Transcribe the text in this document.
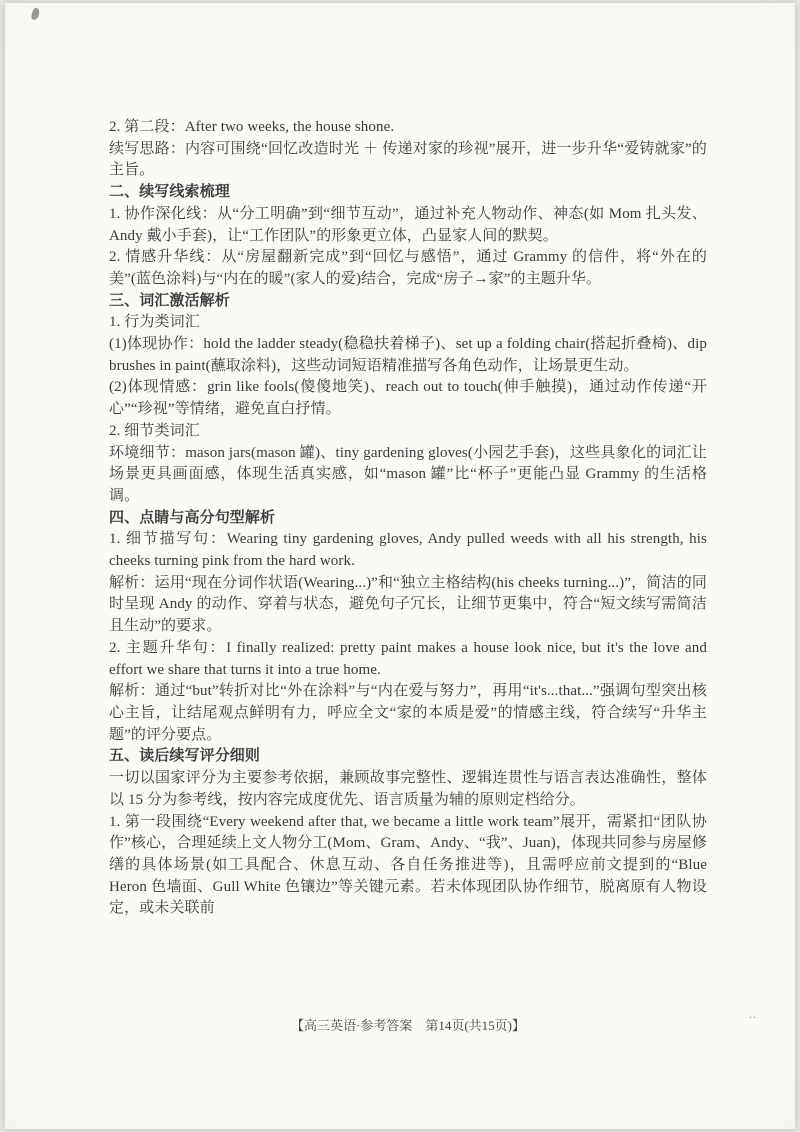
2. 第二段：After two weeks, the house shone.

续写思路：内容可围绕“回忆改造时光 ＋ 传递对家的珍视”展开，进一步升华“爱铸就家”的主旨。

二、续写线索梳理

1. 协作深化线：从“分工明确”到“细节互动”，通过补充人物动作、神态(如 Mom 扎头发、Andy 戴小手套)，让“工作团队”的形象更立体，凸显家人间的默契。

2. 情感升华线：从“房屋翻新完成”到“回忆与感悟”，通过 Grammy 的信件，将“外在的美”(蓝色涂料)与“内在的暖”(家人的爱)结合，完成“房子→家”的主题升华。

三、词汇激活解析

1. 行为类词汇

(1)体现协作：hold the ladder steady(稳稳扶着梯子)、set up a folding chair(搭起折叠椅)、dip brushes in paint(蘸取涂料)，这些动词短语精准描写各角色动作，让场景更生动。

(2)体现情感：grin like fools(傻傻地笑)、reach out to touch(伸手触摸)，通过动作传递“开心”“珍视”等情绪，避免直白抒情。

2. 细节类词汇

环境细节：mason jars(mason 罐)、tiny gardening gloves(小园艺手套)，这些具象化的词汇让场景更具画面感，体现生活真实感，如“mason 罐”比“杯子”更能凸显 Grammy 的生活格调。

四、点睛与高分句型解析

1. 细节描写句：Wearing tiny gardening gloves, Andy pulled weeds with all his strength, his cheeks turning pink from the hard work.

解析：运用“现在分词作状语(Wearing...)”和“独立主格结构(his cheeks turning...)”，简洁的同时呈现 Andy 的动作、穿着与状态，避免句子冗长，让细节更集中，符合“短文续写需简洁且生动”的要求。

2. 主题升华句：I finally realized: pretty paint makes a house look nice, but it's the love and effort we share that turns it into a true home.

解析：通过“but”转折对比“外在涂料”与“内在爱与努力”，再用“it's...that...”强调句型突出核心主旨，让结尾观点鲜明有力，呼应全文“家的本质是爱”的情感主线，符合续写“升华主题”的评分要点。

五、读后续写评分细则

一切以国家评分为主要参考依据，兼顾故事完整性、逻辑连贯性与语言表达准确性，整体以 15 分为参考线，按内容完成度优先、语言质量为辅的原则定档给分。

1. 第一段围绕“Every weekend after that, we became a little work team”展开，需紧扣“团队协作”核心，合理延续上文人物分工(Mom、Gram、Andy、“我”、Juan)，体现共同参与房屋修缮的具体场景(如工具配合、休息互动、各自任务推进等)，且需呼应前文提到的“Blue Heron 色墙面、Gull White 色镶边”等关键元素。若未体现团队协作细节，脱离原有人物设定，或未关联前

【高三英语·参考答案　第14页(共15页)】
..
